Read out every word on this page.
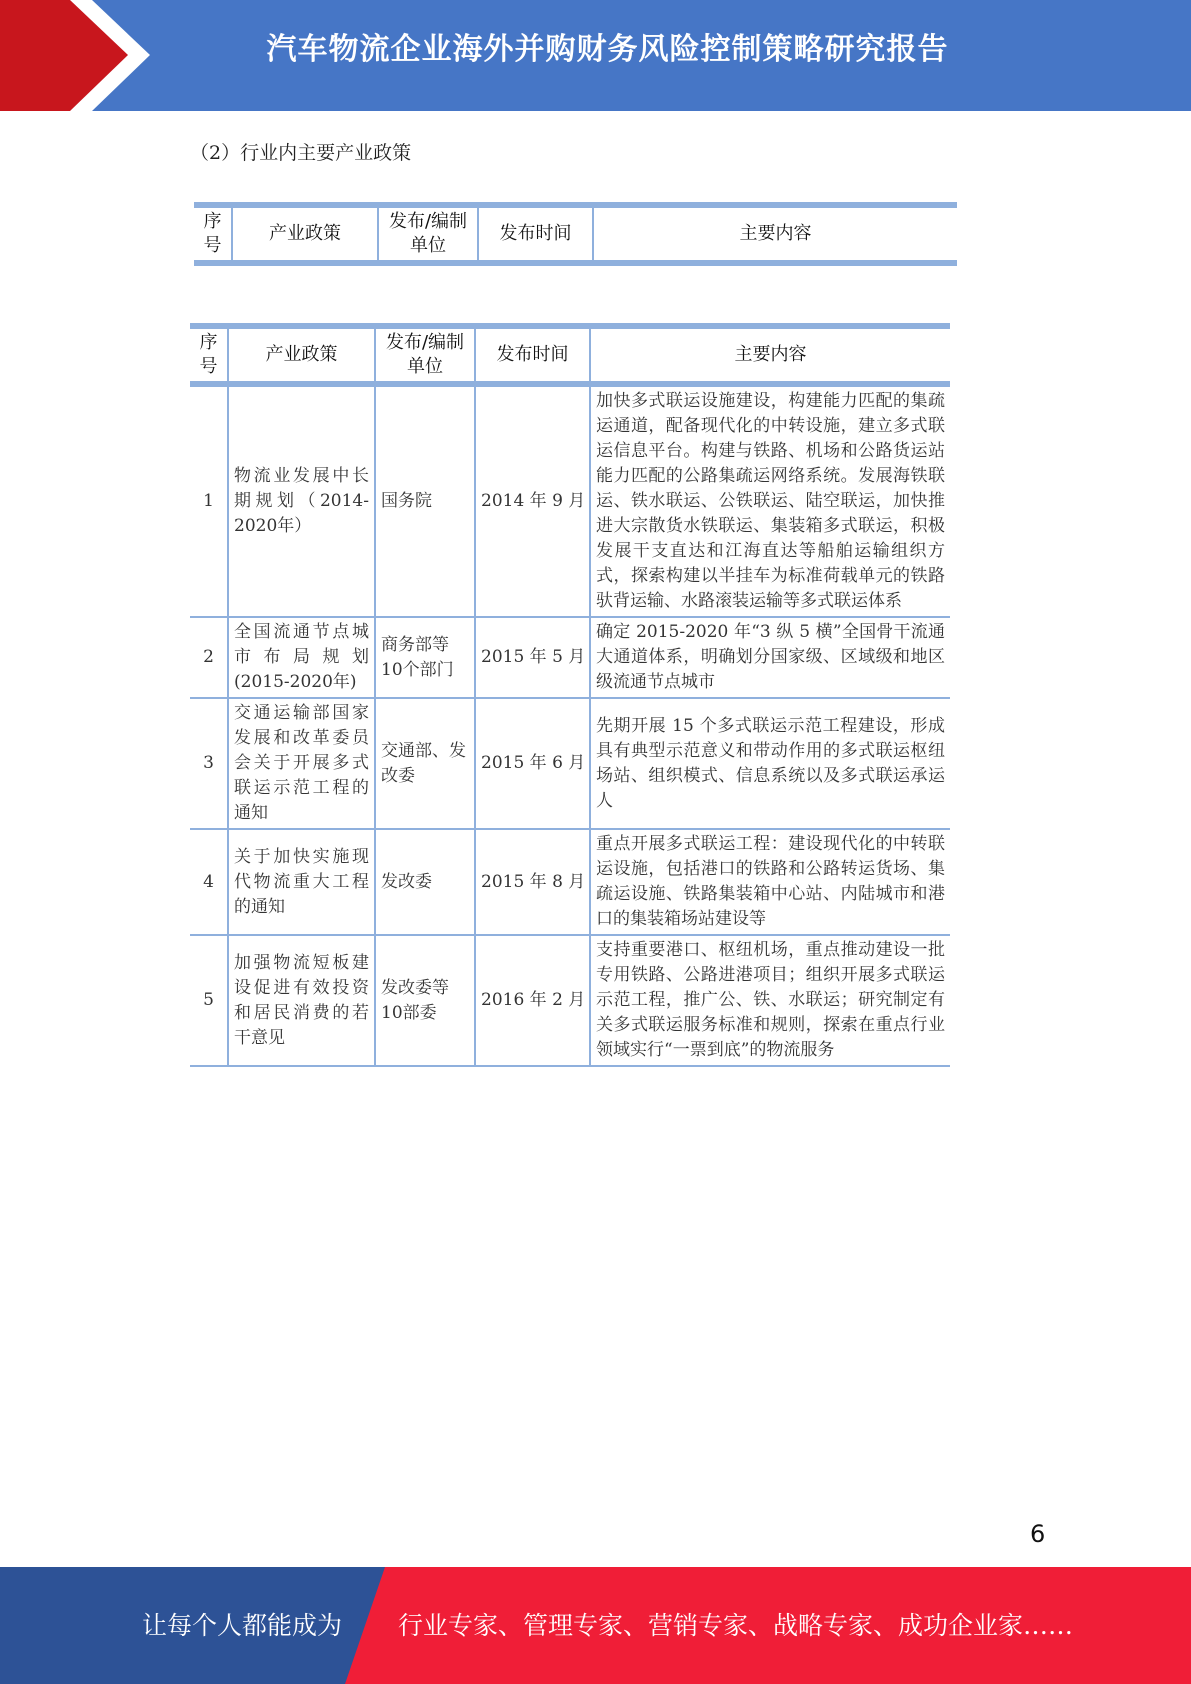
汽车物流企业海外并购财务风险控制策略研究报告
（2）行业内主要产业政策
序号	产业政策	发布/编制单位	发布时间	主要内容
序号	产业政策	发布/编制单位	发布时间	主要内容
1	物流业发展中长期规划（2014-2020年）	国务院	2014 年 9 月	加快多式联运设施建设，构建能力匹配的集疏运通道，配备现代化的中转设施，建立多式联运信息平台。构建与铁路、机场和公路货运站能力匹配的公路集疏运网络系统。发展海铁联运、铁水联运、公铁联运、陆空联运，加快推进大宗散货水铁联运、集装箱多式联运，积极发展干支直达和江海直达等船舶运输组织方式，探索构建以半挂车为标准荷载单元的铁路驮背运输、水路滚装运输等多式联运体系
2	全国流通节点城市布局规划(2015-2020年)	商务部等10个部门	2015 年 5 月	确定 2015-2020 年“3 纵 5 横”全国骨干流通大通道体系，明确划分国家级、区域级和地区级流通节点城市
3	交通运输部国家发展和改革委员会关于开展多式联运示范工程的通知	交通部、发改委	2015 年 6 月	先期开展 15 个多式联运示范工程建设，形成具有典型示范意义和带动作用的多式联运枢纽场站、组织模式、信息系统以及多式联运承运人
4	关于加快实施现代物流重大工程的通知	发改委	2015 年 8 月	重点开展多式联运工程：建设现代化的中转联运设施，包括港口的铁路和公路转运货场、集疏运设施、铁路集装箱中心站、内陆城市和港口的集装箱场站建设等
5	加强物流短板建设促进有效投资和居民消费的若干意见	发改委等10部委	2016 年 2 月	支持重要港口、枢纽机场，重点推动建设一批专用铁路、公路进港项目；组织开展多式联运示范工程，推广公、铁、水联运；研究制定有关多式联运服务标准和规则，探索在重点行业领域实行“一票到底”的物流服务
6
让每个人都能成为 行业专家、管理专家、营销专家、战略专家、成功企业家……
